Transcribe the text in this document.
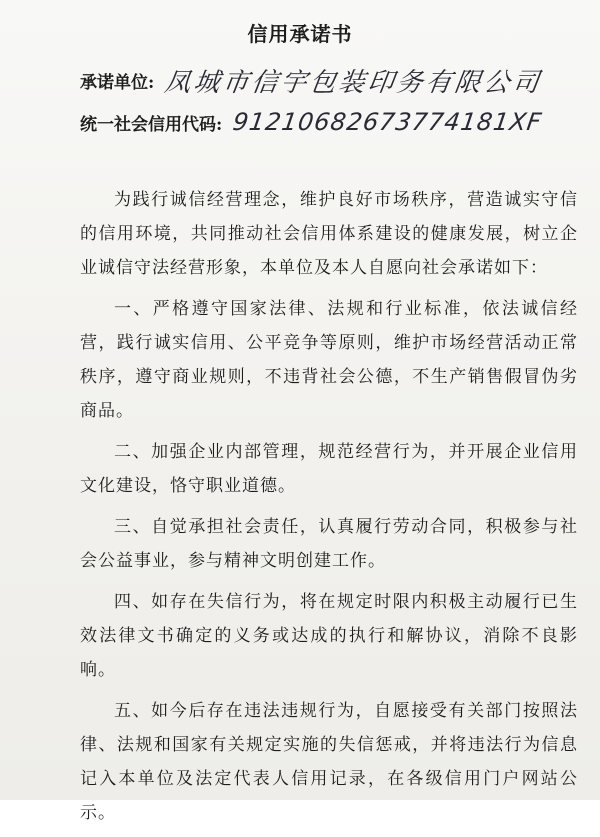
信用承诺书
承诺单位: 凤城市信宇包装印务有限公司
统一社会信用代码: 91210682673774181XF

为践行诚信经营理念，维护良好市场秩序，营造诚实守信的信用环境，共同推动社会信用体系建设的健康发展，树立企业诚信守法经营形象，本单位及本人自愿向社会承诺如下：

一、严格遵守国家法律、法规和行业标准，依法诚信经营，践行诚实信用、公平竞争等原则，维护市场经营活动正常秩序，遵守商业规则，不违背社会公德，不生产销售假冒伪劣商品。

二、加强企业内部管理，规范经营行为，并开展企业信用文化建设，恪守职业道德。

三、自觉承担社会责任，认真履行劳动合同，积极参与社会公益事业，参与精神文明创建工作。

四、如存在失信行为，将在规定时限内积极主动履行已生效法律文书确定的义务或达成的执行和解协议，消除不良影响。

五、如今后存在违法违规行为，自愿接受有关部门按照法律、法规和国家有关规定实施的失信惩戒，并将违法行为信息记入本单位及法定代表人信用记录，在各级信用门户网站公示。
